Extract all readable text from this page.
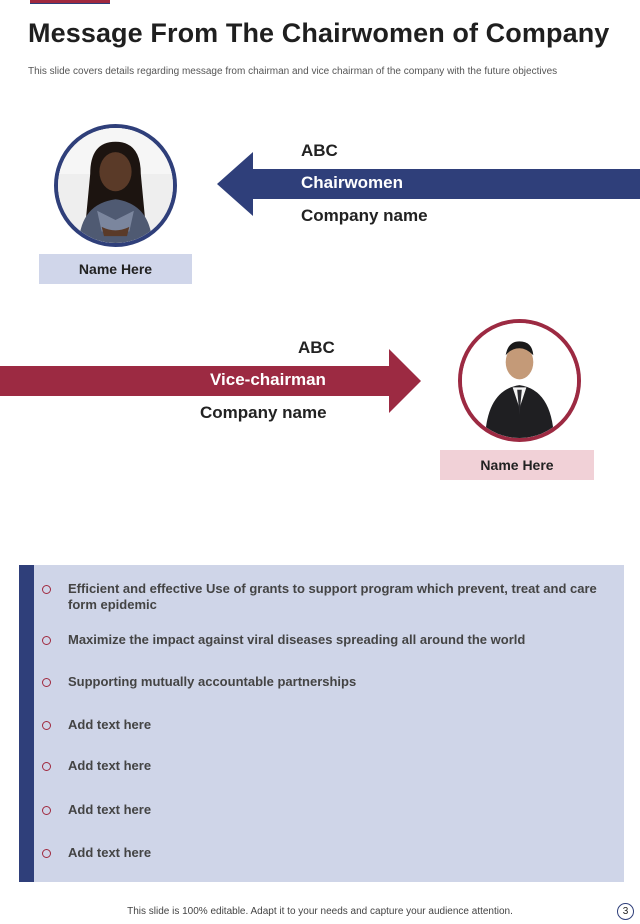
Message From The Chairwomen of Company
This slide covers details regarding message from chairman and vice chairman of the company with the future objectives
Name Here
ABC
Chairwomen
Company name
ABC
Vice-chairman
Company name
Name Here
Efficient and effective Use of grants to support program which prevent, treat and care form epidemic
Maximize the impact against viral diseases spreading all around the world
Supporting mutually accountable partnerships
Add text here
Add text here
Add text here
Add text here
This slide is 100% editable. Adapt it to your needs and capture your audience attention.	3
